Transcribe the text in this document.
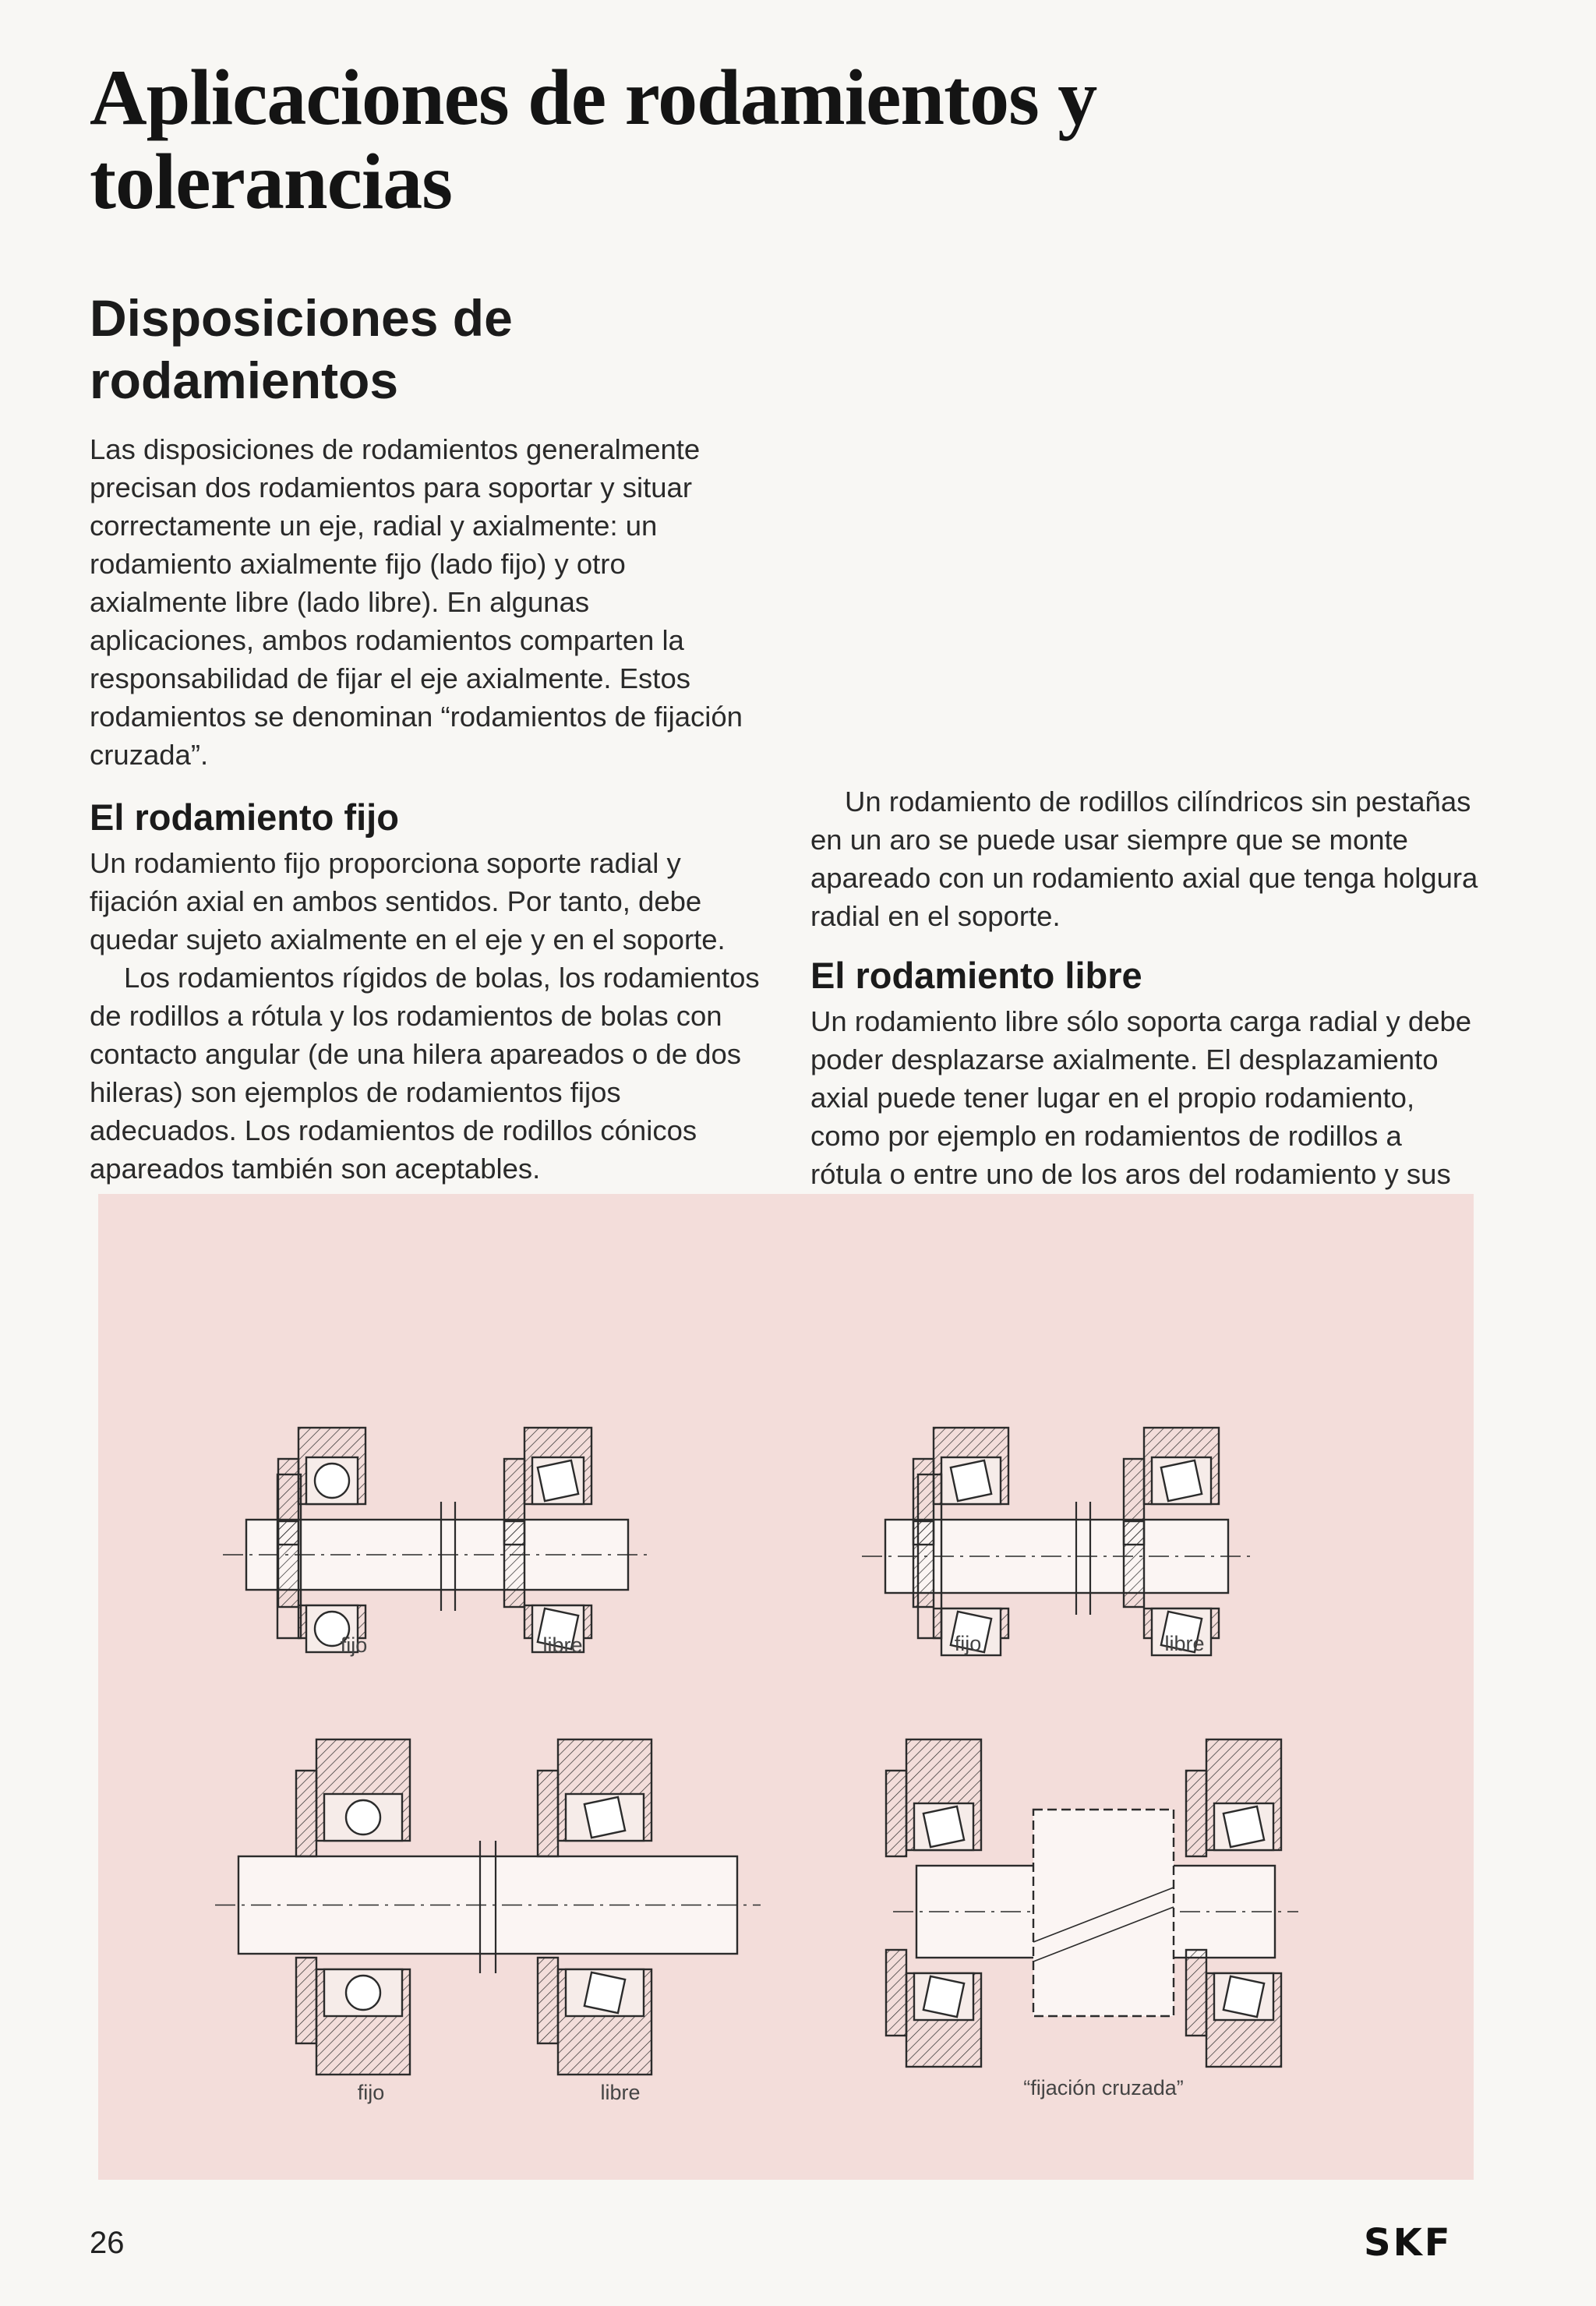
Aplicaciones de rodamientos y tolerancias
Disposiciones de rodamientos

Las disposiciones de rodamientos generalmente precisan dos rodamientos para soportar y situar correctamente un eje, radial y axialmente: un rodamiento axialmente fijo (lado fijo) y otro axialmente libre (lado libre). En algunas aplicaciones, ambos rodamientos comparten la responsabilidad de fijar el eje axialmente. Estos rodamientos se denominan “rodamientos de fijación cruzada”.

El rodamiento fijo

Un rodamiento fijo proporciona soporte radial y fijación axial en ambos sentidos. Por tanto, debe quedar sujeto axialmente en el eje y en el soporte.

Los rodamientos rígidos de bolas, los rodamientos de rodillos a rótula y los rodamientos de bolas con contacto angular (de una hilera apareados o de dos hileras) son ejemplos de rodamientos fijos adecuados. Los rodamientos de rodillos cónicos apareados también son aceptables.

Un rodamiento de rodillos cilíndricos sin pestañas en un aro se puede usar siempre que se monte apareado con un rodamiento axial que tenga holgura radial en el soporte.

El rodamiento libre

Un rodamiento libre sólo soporta carga radial y debe poder desplazarse axialmente. El desplazamiento axial puede tener lugar en el propio rodamiento, como por ejemplo en rodamientos de rodillos a rótula o entre uno de los aros del rodamiento y sus

fijo	libre	fijo	libre
fijo	libre	“fijación cruzada”
26	SKF
